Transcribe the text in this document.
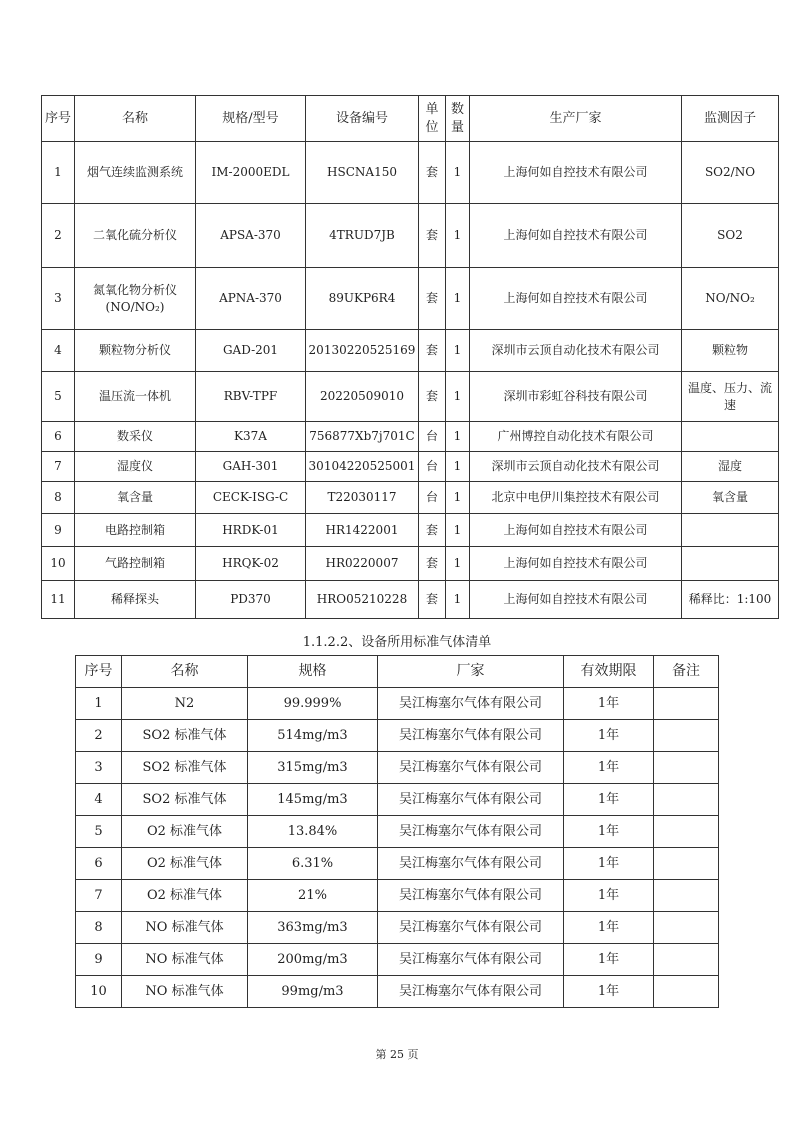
序号	名称	规格/型号	设备编号	单位	数量	生产厂家	监测因子
1	烟气连续监测系统	IM-2000EDL	HSCNA150	套	1	上海何如自控技术有限公司	SO2/NO
2	二氧化硫分析仪	APSA-370	4TRUD7JB	套	1	上海何如自控技术有限公司	SO2
3	氮氧化物分析仪(NO/NO₂)	APNA-370	89UKP6R4	套	1	上海何如自控技术有限公司	NO/NO₂
4	颗粒物分析仪	GAD-201	20130220525169	套	1	深圳市云顶自动化技术有限公司	颗粒物
5	温压流一体机	RBV-TPF	20220509010	套	1	深圳市彩虹谷科技有限公司	温度、压力、流速
6	数采仪	K37A	756877Xb7j701C	台	1	广州博控自动化技术有限公司	
7	湿度仪	GAH-301	30104220525001	台	1	深圳市云顶自动化技术有限公司	湿度
8	氧含量	CECK-ISG-C	T22030117	台	1	北京中电伊川集控技术有限公司	氧含量
9	电路控制箱	HRDK-01	HR1422001	套	1	上海何如自控技术有限公司	
10	气路控制箱	HRQK-02	HR0220007	套	1	上海何如自控技术有限公司	
11	稀释探头	PD370	HRO05210228	套	1	上海何如自控技术有限公司	稀释比：1:100
1.1.2.2、设备所用标准气体清单
序号	名称	规格	厂家	有效期限	备注
1	N2	99.999%	吴江梅塞尔气体有限公司	1年	
2	SO2 标准气体	514mg/m3	吴江梅塞尔气体有限公司	1年	
3	SO2 标准气体	315mg/m3	吴江梅塞尔气体有限公司	1年	
4	SO2 标准气体	145mg/m3	吴江梅塞尔气体有限公司	1年	
5	O2 标准气体	13.84%	吴江梅塞尔气体有限公司	1年	
6	O2 标准气体	6.31%	吴江梅塞尔气体有限公司	1年	
7	O2 标准气体	21%	吴江梅塞尔气体有限公司	1年	
8	NO 标准气体	363mg/m3	吴江梅塞尔气体有限公司	1年	
9	NO 标准气体	200mg/m3	吴江梅塞尔气体有限公司	1年	
10	NO 标准气体	99mg/m3	吴江梅塞尔气体有限公司	1年	
第 25 页
